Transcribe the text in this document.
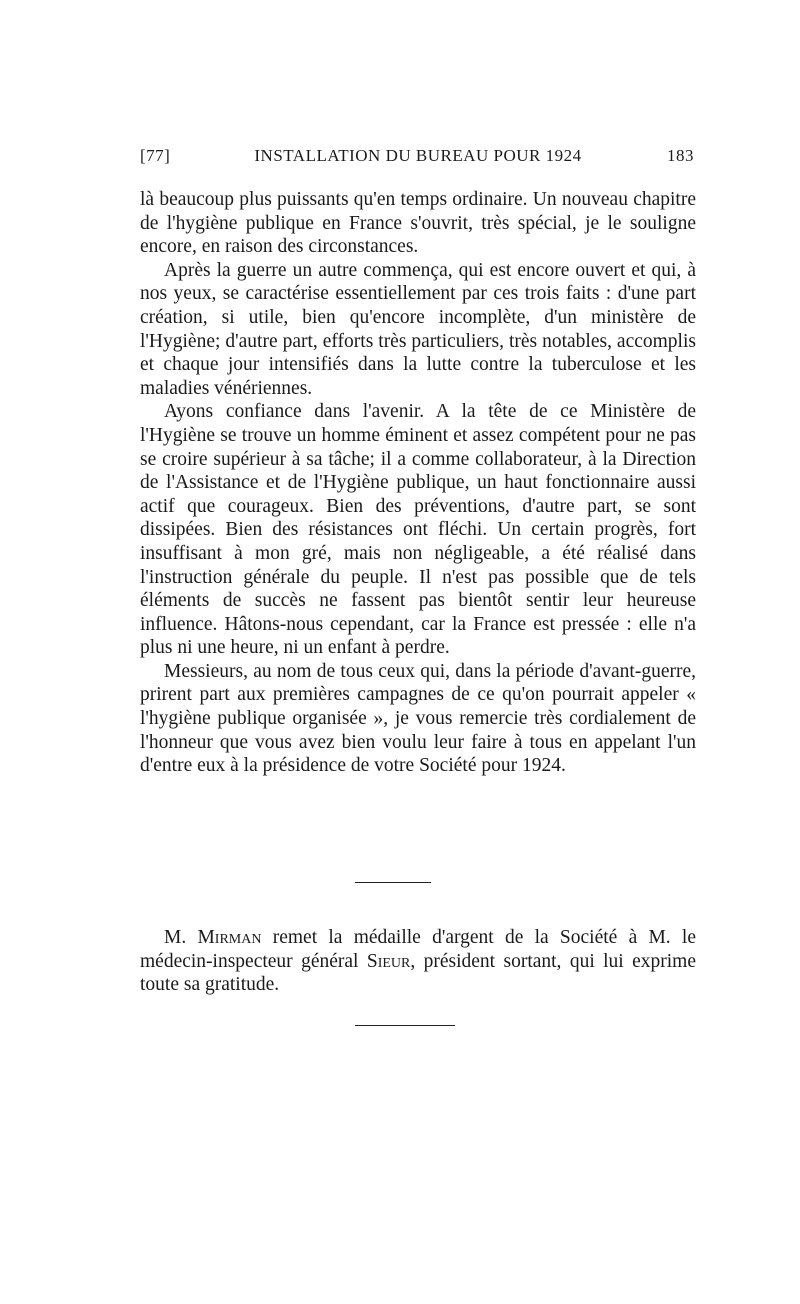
[77]	INSTALLATION DU BUREAU POUR 1924	183

là beaucoup plus puissants qu'en temps ordinaire. Un nouveau chapitre de l'hygiène publique en France s'ouvrit, très spécial, je le souligne encore, en raison des circonstances.

Après la guerre un autre commença, qui est encore ouvert et qui, à nos yeux, se caractérise essentiellement par ces trois faits : d'une part création, si utile, bien qu'encore incomplète, d'un ministère de l'Hygiène; d'autre part, efforts très particuliers, très notables, accomplis et chaque jour intensifiés dans la lutte contre la tuberculose et les maladies vénériennes.

Ayons confiance dans l'avenir. A la tête de ce Ministère de l'Hygiène se trouve un homme éminent et assez compétent pour ne pas se croire supérieur à sa tâche; il a comme collaborateur, à la Direction de l'Assistance et de l'Hygiène publique, un haut fonctionnaire aussi actif que courageux. Bien des préventions, d'autre part, se sont dissipées. Bien des résistances ont fléchi. Un certain progrès, fort insuffisant à mon gré, mais non négligeable, a été réalisé dans l'instruction générale du peuple. Il n'est pas possible que de tels éléments de succès ne fassent pas bientôt sentir leur heureuse influence. Hâtons-nous cependant, car la France est pressée : elle n'a plus ni une heure, ni un enfant à perdre.

Messieurs, au nom de tous ceux qui, dans la période d'avant-guerre, prirent part aux premières campagnes de ce qu'on pourrait appeler « l'hygiène publique organisée », je vous remercie très cordialement de l'honneur que vous avez bien voulu leur faire à tous en appelant l'un d'entre eux à la présidence de votre Société pour 1924.

M. Mirman remet la médaille d'argent de la Société à M. le médecin-inspecteur général Sieur, président sortant, qui lui exprime toute sa gratitude.
